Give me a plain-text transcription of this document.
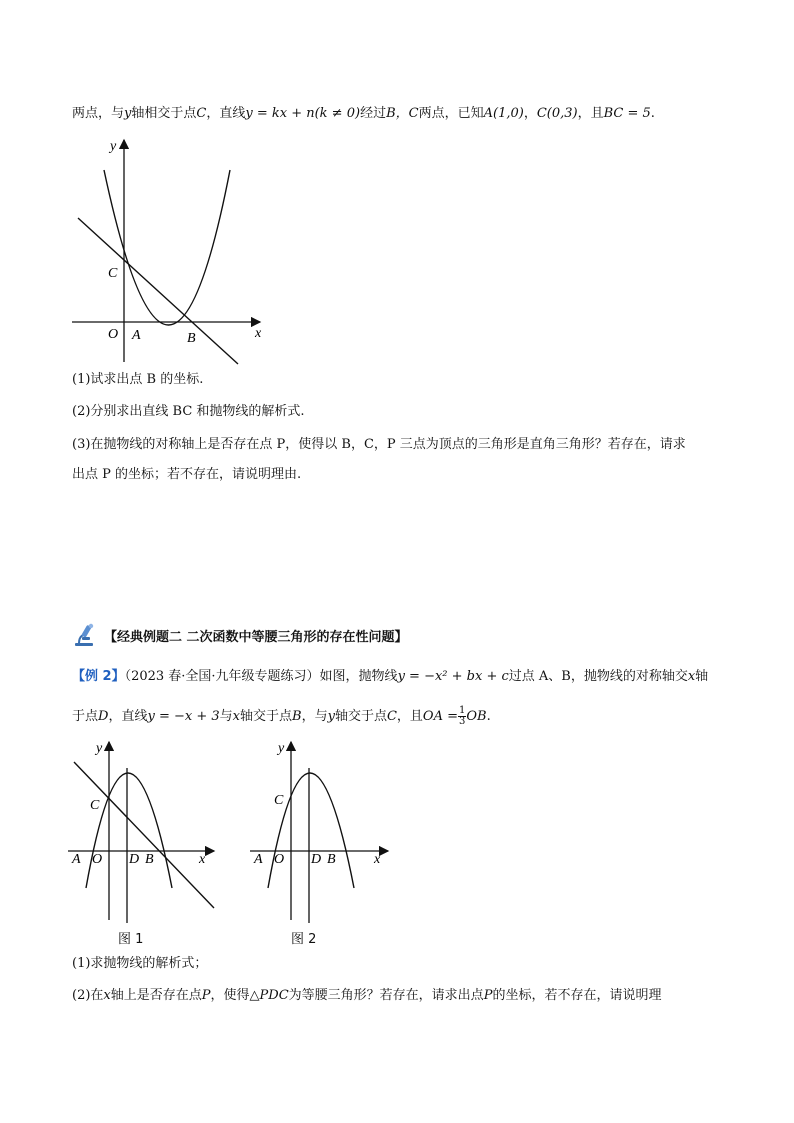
两点，与y轴相交于点C，直线y = kx + n(k ≠ 0)经过B，C两点，已知A(1,0)，C(0,3)，且BC = 5.
y
x
O A	B
C
(1)试求出点 B 的坐标.
(2)分别求出直线 BC 和抛物线的解析式.
(3)在抛物线的对称轴上是否存在点 P，使得以 B，C，P 三点为顶点的三角形是直角三角形？若存在，请求
出点 P 的坐标；若不存在，请说明理由.
【经典例题二 二次函数中等腰三角形的存在性问题】
【例 2】（2023 春·全国·九年级专题练习）如图，抛物线y = −x² + bx + c过点 A、B，抛物线的对称轴交x轴
于点D，直线y = −x + 3与x轴交于点B，与y轴交于点C，且OA = $\frac{1}{3}$ OB.
y
x
A O D B
C
图 1
y
x
A O D B
C
图 2
(1)求抛物线的解析式；
(2)在x轴上是否存在点P，使得△PDC为等腰三角形？若存在，请求出点P的坐标，若不存在，请说明理
